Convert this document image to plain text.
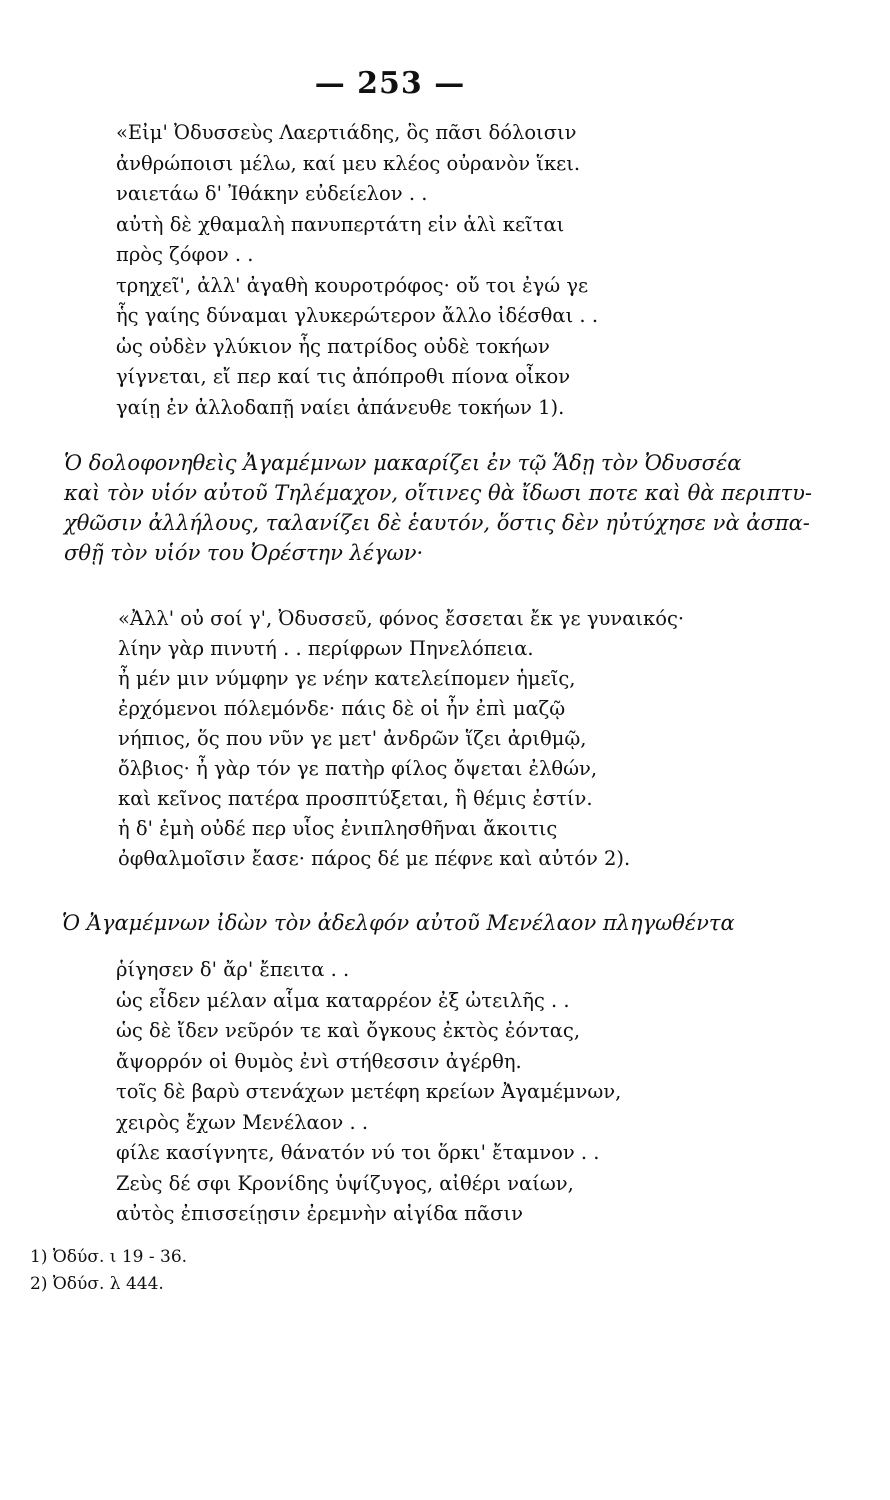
— 253 —
«Εἰμ' Ὀδυσσεὺς Λαερτιάδης, ὃς πᾶσι δόλοισιν
ἀνθρώποισι μέλω, καί μευ κλέος οὐρανὸν ἵκει.
ναιετάω δ' Ἰθάκην εὐδείελον . .
αὐτὴ δὲ χθαμαλὴ πανυπερτάτη εἰν ἁλὶ κεῖται
πρὸς ζόφον . .
τρηχεῖ', ἀλλ' ἀγαθὴ κουροτρόφος· οὔ τοι ἐγώ γε
ἧς γαίης δύναμαι γλυκερώτερον ἄλλο ἰδέσθαι . .
ὡς οὐδὲν γλύκιον ἧς πατρίδος οὐδὲ τοκήων
γίγνεται, εἴ περ καί τις ἀπόπροθι πίονα οἶκον
γαίῃ ἐν ἀλλοδαπῇ ναίει ἀπάνευθε τοκήων 1).

Ὁ δολοφονηθεὶς Ἀγαμέμνων μακαρίζει ἐν τῷ Ἅδῃ τὸν Ὀδυσσέα
καὶ τὸν υἱόν αὐτοῦ Τηλέμαχον, οἵτινες θὰ ἴδωσι ποτε καὶ θὰ περιπτυ-
χθῶσιν ἀλλήλους, ταλανίζει δὲ ἑαυτόν, ὅστις δὲν ηὐτύχησε νὰ ἀσπα-
σθῇ τὸν υἱόν του Ὀρέστην λέγων·

«Ἀλλ' οὐ σοί γ', Ὀδυσσεῦ, φόνος ἔσσεται ἔκ γε γυναικός·
λίην γὰρ πινυτή . . περίφρων Πηνελόπεια.
ἦ μέν μιν νύμφην γε νέην κατελείπομεν ἡμεῖς,
ἐρχόμενοι πόλεμόνδε· πάις δὲ οἱ ἦν ἐπὶ μαζῷ
νήπιος, ὅς που νῦν γε μετ' ἀνδρῶν ἵζει ἀριθμῷ,
ὄλβιος· ἦ γὰρ τόν γε πατὴρ φίλος ὄψεται ἐλθών,
καὶ κεῖνος πατέρα προσπτύξεται, ἣ θέμις ἐστίν.
ἡ δ' ἐμὴ οὐδέ περ υἷος ἐνιπλησθῆναι ἄκοιτις
ὀφθαλμοῖσιν ἔασε· πάρος δέ με πέφνε καὶ αὐτόν 2).

Ὁ Ἀγαμέμνων ἰδὼν τὸν ἀδελφόν αὐτοῦ Μενέλαον πληγωθέντα

ῥίγησεν δ' ἄρ' ἔπειτα . .
ὡς εἶδεν μέλαν αἷμα καταρρέον ἐξ ὠτειλῆς . .
ὡς δὲ ἴδεν νεῦρόν τε καὶ ὄγκους ἐκτὸς ἐόντας,
ἄψορρόν οἱ θυμὸς ἐνὶ στήθεσσιν ἀγέρθη.
τοῖς δὲ βαρὺ στενάχων μετέφη κρείων Ἀγαμέμνων,
χειρὸς ἔχων Μενέλαον . .
φίλε κασίγνητε, θάνατόν νύ τοι ὅρκι' ἔταμνον . .
Ζεὺς δέ σφι Κρονίδης ὑψίζυγος, αἰθέρι ναίων,
αὐτὸς ἐπισσείῃσιν ἐρεμνὴν αἰγίδα πᾶσιν
1) Ὀδύσ. ι 19 - 36.
2) Ὀδύσ. λ 444.
